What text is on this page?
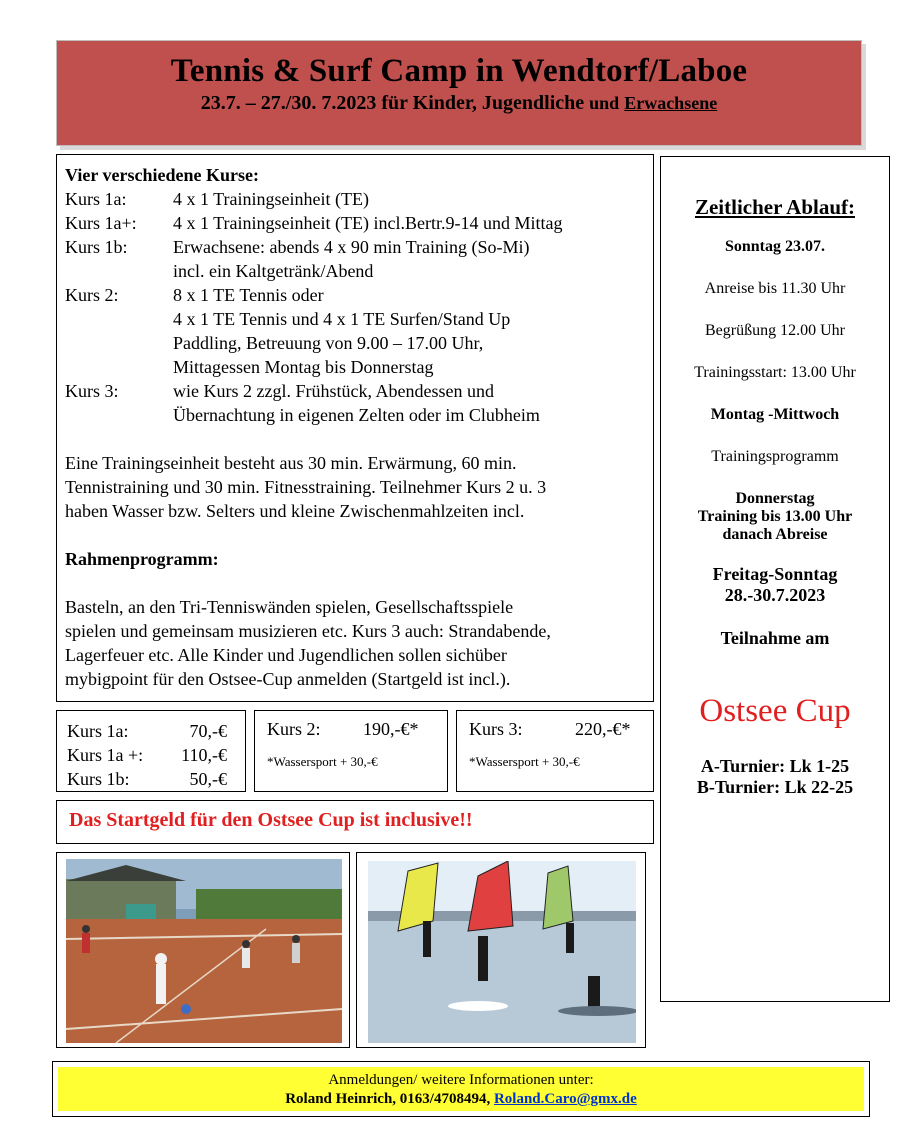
Tennis & Surf Camp in Wendtorf/Laboe
23.7. – 27./30. 7.2023 für Kinder, Jugendliche und Erwachsene
Vier verschiedene Kurse:
Kurs 1a:	4 x 1 Trainingseinheit (TE)
Kurs 1a+:	4 x 1 Trainingseinheit (TE) incl.Bertr.9-14 und Mittag
Kurs 1b:	Erwachsene: abends 4 x 90 min Training (So-Mi)
incl. ein Kaltgetränk/Abend
Kurs 2:	8 x 1 TE Tennis oder
4 x 1 TE Tennis und 4 x 1 TE Surfen/Stand Up
Paddling, Betreuung von 9.00 – 17.00 Uhr,
Mittagessen Montag bis Donnerstag
Kurs 3:	wie Kurs 2 zzgl. Frühstück, Abendessen und
Übernachtung in eigenen Zelten oder im Clubheim
Eine Trainingseinheit besteht aus 30 min. Erwärmung, 60 min.
Tennistraining und 30 min. Fitnesstraining. Teilnehmer Kurs 2 u. 3
haben Wasser bzw. Selters und kleine Zwischenmahlzeiten incl.
Rahmenprogramm:
Basteln, an den Tri-Tenniswänden spielen, Gesellschaftsspiele
spielen und gemeinsam musizieren etc. Kurs 3 auch: Strandabende,
Lagerfeuer etc. Alle Kinder und Jugendlichen sollen sichüber
mybigpoint für den Ostsee-Cup anmelden (Startgeld ist incl.).
Zeitlicher Ablauf:
Sonntag 23.07.
Anreise bis 11.30 Uhr
Begrüßung 12.00 Uhr
Trainingsstart: 13.00 Uhr
Montag -Mittwoch
Trainingsprogramm
Donnerstag
Training bis 13.00 Uhr
danach Abreise
Freitag-Sonntag
28.-30.7.2023
Teilnahme am
Ostsee Cup
A-Turnier: Lk 1-25
B-Turnier: Lk 22-25
Kurs 1a:	70,-€
Kurs 1a +:	110,-€
Kurs 1b:	50,-€
Kurs 2:	190,-€*
*Wassersport + 30,-€
Kurs 3:	220,-€*
*Wassersport + 30,-€
Das Startgeld für den Ostsee Cup ist inclusive!!
Anmeldungen/ weitere Informationen unter:
Roland Heinrich, 0163/4708494, Roland.Caro@gmx.de
